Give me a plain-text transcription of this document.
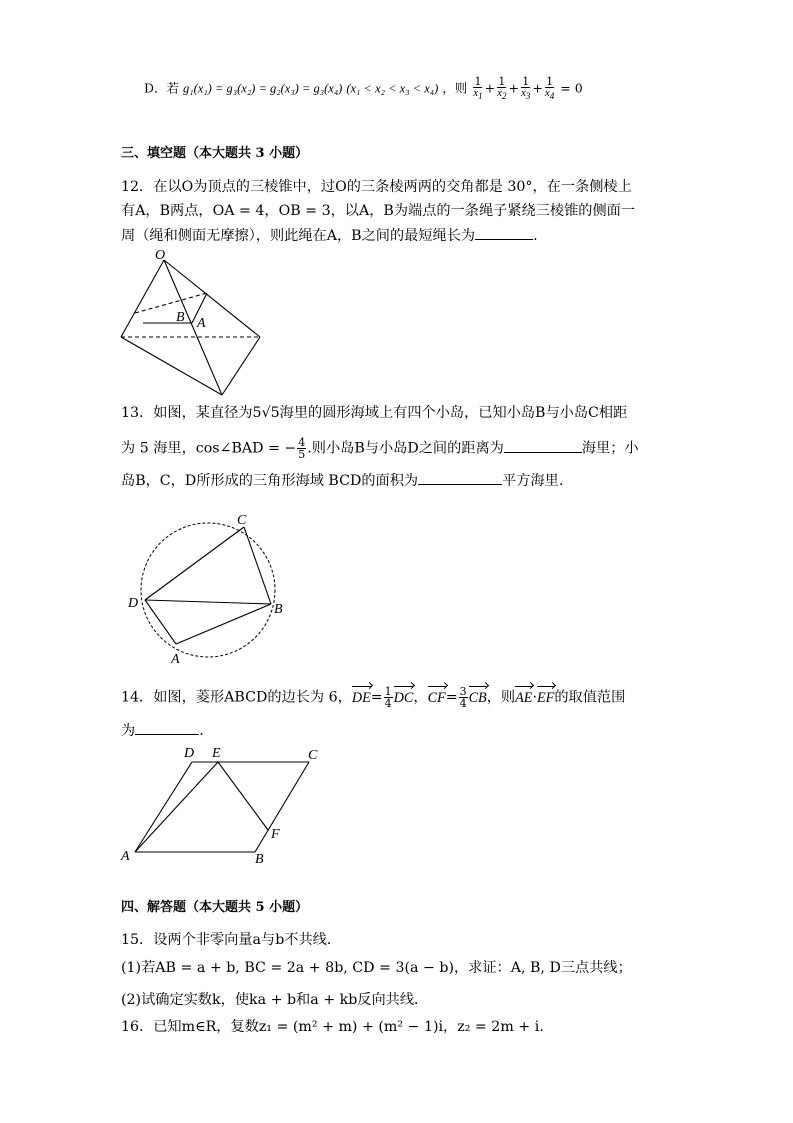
D．若 g₁(x₁) = g₃(x₂) = g₂(x₃) = g₃(x₄) (x₁ < x₂ < x₃ < x₄) ，则 $\frac{1}{x_1} + \frac{1}{x_2} + \frac{1}{x_3} + \frac{1}{x_4} = 0$
三、填空题（本大题共 3 小题）
12．在以O为顶点的三棱锥中，过O的三条棱两两的交角都是 30°，在一条侧棱上
有A，B两点，OA = 4，OB = 3，以A，B为端点的一条绳子紧绕三棱锥的侧面一
周（绳和侧面无摩擦），则此绳在A，B之间的最短绳长为	.
O
B A
13．如图，某直径为5√5海里的圆形海域上有四个小岛，已知小岛B与小岛C相距
为 5 海里，cos∠BAD = − $\frac{4}{5}$ .则小岛B与小岛D之间的距离为	海里；小
岛B，C，D所形成的三角形海域 BCD的面积为	平方海里.
C
D	B
A
14．如图，菱形ABCD的边长为 6，$DE= \frac{1}{4}$ DC，$CF= \frac{3}{4}$ CB，则AE·EF的取值范围
为	.
D E	C
A	B
F
四、解答题（本大题共 5 小题）
15．设两个非零向量a与b不共线．
(1)若AB = a + b, BC = 2a + 8b, CD = 3(a − b)，求证：A, B, D三点共线；
(2)试确定实数k，使ka + b和a + kb反向共线．
16．已知m∈R，复数z₁ = (m² + m) + (m² − 1)i，z₂ = 2m + i.
